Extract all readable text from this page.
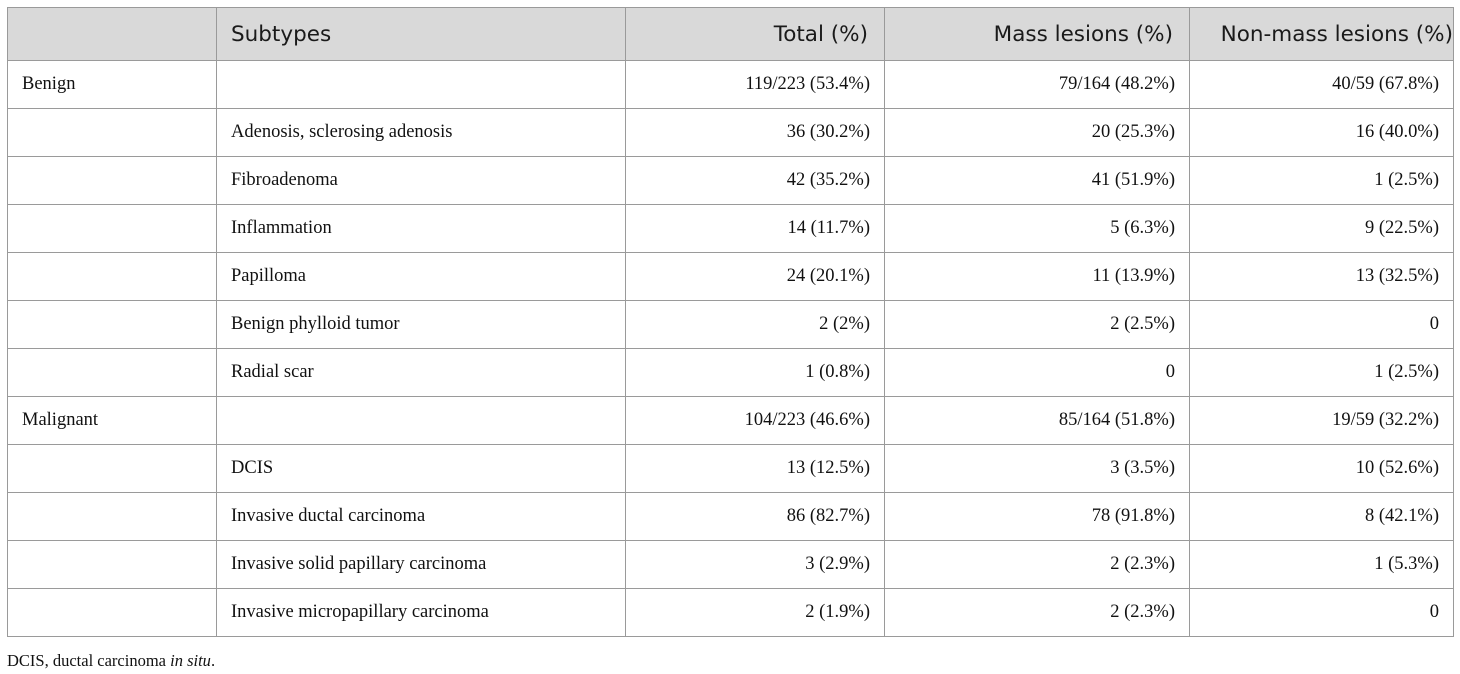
	Subtypes	Total (%)	Mass lesions (%)	Non-mass lesions (%)
Benign		119/223 (53.4%)	79/164 (48.2%)	40/59 (67.8%)
	Adenosis, sclerosing adenosis	36 (30.2%)	20 (25.3%)	16 (40.0%)
	Fibroadenoma	42 (35.2%)	41 (51.9%)	1 (2.5%)
	Inflammation	14 (11.7%)	5 (6.3%)	9 (22.5%)
	Papilloma	24 (20.1%)	11 (13.9%)	13 (32.5%)
	Benign phylloid tumor	2 (2%)	2 (2.5%)	0
	Radial scar	1 (0.8%)	0	1 (2.5%)
Malignant		104/223 (46.6%)	85/164 (51.8%)	19/59 (32.2%)
	DCIS	13 (12.5%)	3 (3.5%)	10 (52.6%)
	Invasive ductal carcinoma	86 (82.7%)	78 (91.8%)	8 (42.1%)
	Invasive solid papillary carcinoma	3 (2.9%)	2 (2.3%)	1 (5.3%)
	Invasive micropapillary carcinoma	2 (1.9%)	2 (2.3%)	0
DCIS, ductal carcinoma in situ.
